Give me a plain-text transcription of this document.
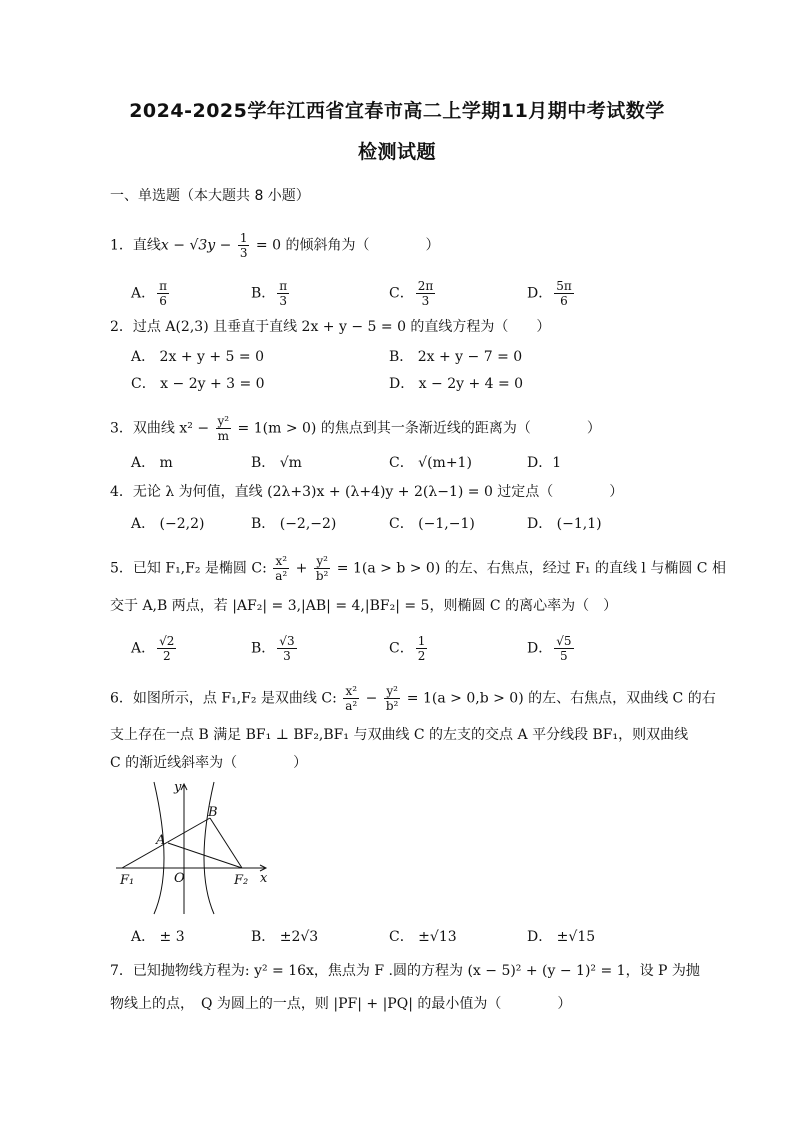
2024-2025学年江西省宜春市高二上学期11月期中考试数学
检测试题
一、单选题（本大题共 8 小题）
1．直线$x - √3y - \frac{1}{3} = 0$ 的倾斜角为（　　　　）
A． $\frac{\pi}{6}$	B． $\frac{\pi}{3}$	C． $\frac{2\pi}{3}$	D． $\frac{5\pi}{6}$
2．过点 A(2,3) 且垂直于直线 2x + y − 5 = 0 的直线方程为（　　）
A． 2x + y + 5 = 0	B． 2x + y − 7 = 0
C． x − 2y + 3 = 0	D． x − 2y + 4 = 0
3．双曲线 $x^2 - \frac{\text{y²}}{m} = 1(m > 0)$ 的焦点到其一条渐近线的距离为（　　　　）
A． m	B． √m	C． √(m+1)	D．1
4．无论 λ 为何值，直线 (2λ+3)x + (λ+4)y + 2(λ−1) = 0 过定点（　　　　）
A． (−2,2)	B． (−2,−2)	C． (−1,−1)	D． (−1,1)
5．已知 F₁,F₂ 是椭圆 C: $\frac{\text{x²}}{\text{a²}} + \frac{\text{y²}}{\text{b²}} = 1(a > b > 0)$ 的左、右焦点，经过 F₁ 的直线 l 与椭圆 C 相
交于 A,B 两点，若 |AF₂| = 3,|AB| = 4,|BF₂| = 5，则椭圆 C 的离心率为（　）
A． $\frac{√2}{2}$	B． $\frac{√3}{3}$	C． $\frac{1}{2}$	D． $\frac{√5}{5}$
6．如图所示，点 F₁,F₂ 是双曲线 C: $\frac{\text{x²}}{\text{a²}} - \frac{\text{y²}}{\text{b²}} = 1(a > 0,b > 0)$ 的左、右焦点，双曲线 C 的右
支上存在一点 B 满足 BF₁ ⊥ BF₂,BF₁ 与双曲线 C 的左支的交点 A 平分线段 BF₁，则双曲线
C 的渐近线斜率为（　　　　）
y
x
A
B
O
F₁	F₂
A． ± 3	B． ±2√3	C． ±√13	D． ±√15
7．已知抛物线方程为: y² = 16x，焦点为 F .圆的方程为 (x − 5)² + (y − 1)² = 1，设 P 为抛
物线上的点，　Q 为圆上的一点，则 |PF| + |PQ| 的最小值为（　　　　）
